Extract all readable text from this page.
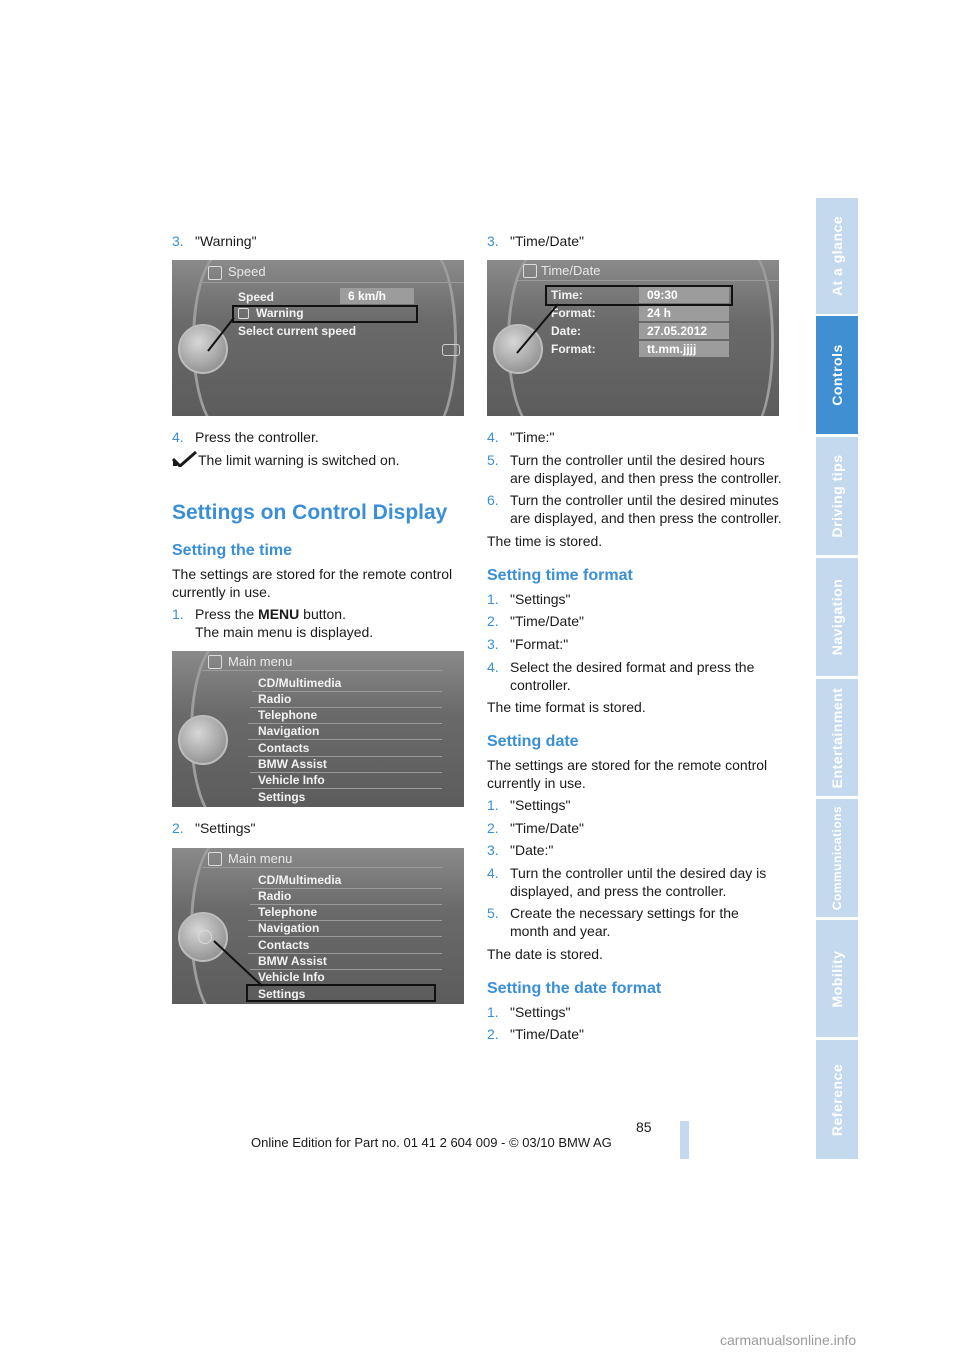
At a glance
Controls
Driving tips
Navigation
Entertainment
Communications
Mobility
Reference
3. "Warning"
Speed
Speed	6 km/h
Warning
Select current speed
4. Press the controller.
The limit warning is switched on.
Settings on Control Display
Setting the time
The settings are stored for the remote control
currently in use.
1. Press the MENU button.
The main menu is displayed.
Main menu
CD/Multimedia
Radio
Telephone
Navigation
Contacts
BMW Assist
Vehicle Info
Settings
2. "Settings"
Main menu
CD/Multimedia
Radio
Telephone
Navigation
Contacts
BMW Assist
Vehicle Info
Settings
3. "Time/Date"
Time/Date
Time:	09:30
Format:	24 h
Date:	27.05.2012
Format:	tt.mm.jjjj
4. "Time:"
5. Turn the controller until the desired hours
are displayed, and then press the controller.
6. Turn the controller until the desired minutes
are displayed, and then press the controller.
The time is stored.
Setting time format
1. "Settings"
2. "Time/Date"
3. "Format:"
4. Select the desired format and press the
controller.
The time format is stored.
Setting date
The settings are stored for the remote control
currently in use.
1. "Settings"
2. "Time/Date"
3. "Date:"
4. Turn the controller until the desired day is
displayed, and press the controller.
5. Create the necessary settings for the
month and year.
The date is stored.
Setting the date format
1. "Settings"
2. "Time/Date"
85
Online Edition for Part no. 01 41 2 604 009 - © 03/10 BMW AG
carmanualsonline.info
